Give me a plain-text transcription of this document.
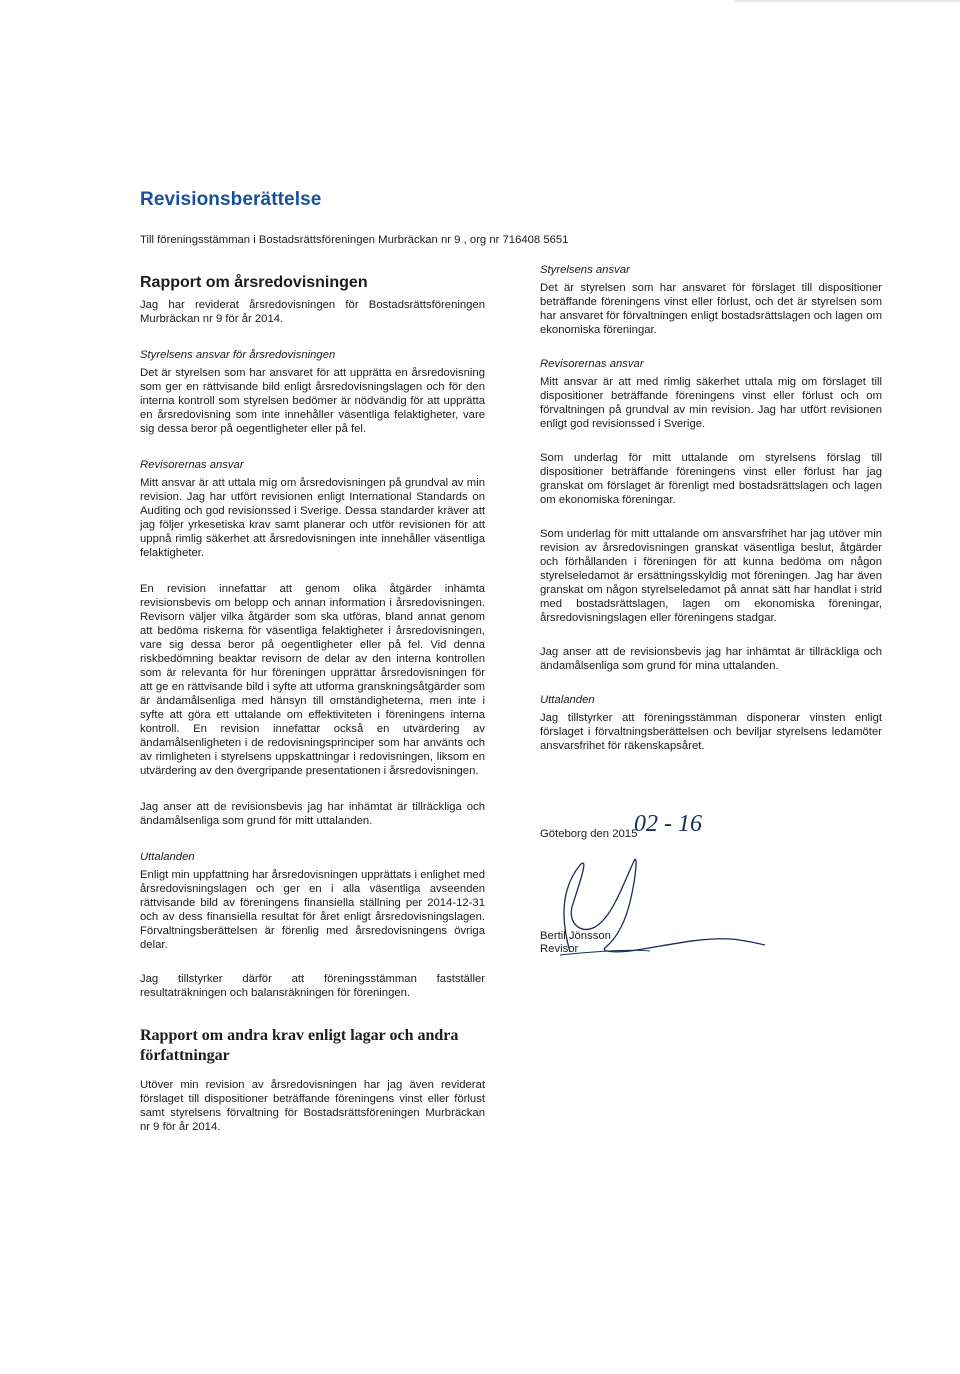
Revisionsberättelse

Till föreningsstämman i Bostadsrättsföreningen Murbräckan nr 9 , org nr 716408 5651

Rapport om årsredovisningen

Jag har reviderat årsredovisningen för Bostadsrättsföreningen Murbräckan nr 9 för år 2014.

Styrelsens ansvar för årsredovisningen

Det är styrelsen som har ansvaret för att upprätta en årsredovisning som ger en rättvisande bild enligt årsredovisningslagen och för den interna kontroll som styrelsen bedömer är nödvändig för att upprätta en årsredovisning som inte innehåller väsentliga felaktigheter, vare sig dessa beror på oegentligheter eller på fel.

Revisorernas ansvar

Mitt ansvar är att uttala mig om årsredovisningen på grundval av min revision. Jag har utfört revisionen enligt International Standards on Auditing och god revisionssed i Sverige. Dessa standarder kräver att jag följer yrkesetiska krav samt planerar och utför revisionen för att uppnå rimlig säkerhet att årsredovisningen inte innehåller väsentliga felaktigheter.

En revision innefattar att genom olika åtgärder inhämta revisionsbevis om belopp och annan information i årsredovisningen. Revisorn väljer vilka åtgärder som ska utföras, bland annat genom att bedöma riskerna för väsentliga felaktigheter i årsredovisningen, vare sig dessa beror på oegentligheter eller på fel. Vid denna riskbedömning beaktar revisorn de delar av den interna kontrollen som är relevanta för hur föreningen upprättar årsredovisningen för att ge en rättvisande bild i syfte att utforma granskningsåtgärder som är ändamålsenliga med hänsyn till omständigheterna, men inte i syfte att göra ett uttalande om effektiviteten i föreningens interna kontroll. En revision innefattar också en utvärdering av ändamålsenligheten i de redovisningsprinciper som har använts och av rimligheten i styrelsens uppskattningar i redovisningen, liksom en utvärdering av den övergripande presentationen i årsredovisningen.

Jag anser att de revisionsbevis jag har inhämtat är tillräckliga och ändamålsenliga som grund för mitt uttalanden.

Uttalanden

Enligt min uppfattning har årsredovisningen upprättats i enlighet med årsredovisningslagen och ger en i alla väsentliga avseenden rättvisande bild av föreningens finansiella ställning per 2014-12-31 och av dess finansiella resultat för året enligt årsredovisningslagen. Förvaltningsberättelsen är förenlig med årsredovisningens övriga delar.

Jag tillstyrker därför att föreningsstämman fastställer resultaträkningen och balansräkningen för föreningen.

Rapport om andra krav enligt lagar och andra författningar

Utöver min revision av årsredovisningen har jag även reviderat förslaget till dispositioner beträffande föreningens vinst eller förlust samt styrelsens förvaltning för Bostadsrättsföreningen Murbräckan nr 9 för år 2014.

Styrelsens ansvar

Det är styrelsen som har ansvaret för förslaget till dispositioner beträffande föreningens vinst eller förlust, och det är styrelsen som har ansvaret för förvaltningen enligt bostadsrättslagen och lagen om ekonomiska föreningar.

Revisorernas ansvar

Mitt ansvar är att med rimlig säkerhet uttala mig om förslaget till dispositioner beträffande föreningens vinst eller förlust och om förvaltningen på grundval av min revision. Jag har utfört revisionen enligt god revisionssed i Sverige.

Som underlag för mitt uttalande om styrelsens förslag till dispositioner beträffande föreningens vinst eller förlust har jag granskat om förslaget är förenligt med bostadsrättslagen och lagen om ekonomiska föreningar.

Som underlag för mitt uttalande om ansvarsfrihet har jag utöver min revision av årsredovisningen granskat väsentliga beslut, åtgärder och förhållanden i föreningen för att kunna bedöma om någon styrelseledamot är ersättningsskyldig mot föreningen. Jag har även granskat om någon styrelseledamot på annat sätt har handlat i strid med bostadsrättslagen, lagen om ekonomiska föreningar, årsredovisningslagen eller föreningens stadgar.

Jag anser att de revisionsbevis jag har inhämtat är tillräckliga och ändamålsenliga som grund för mina uttalanden.

Uttalanden

Jag tillstyrker att föreningsstämman disponerar vinsten enligt förslaget i förvaltningsberättelsen och beviljar styrelsens ledamöter ansvarsfrihet för räkenskapsåret.

Göteborg den 2015
02 - 16
Bertil Jönsson
Revisor
